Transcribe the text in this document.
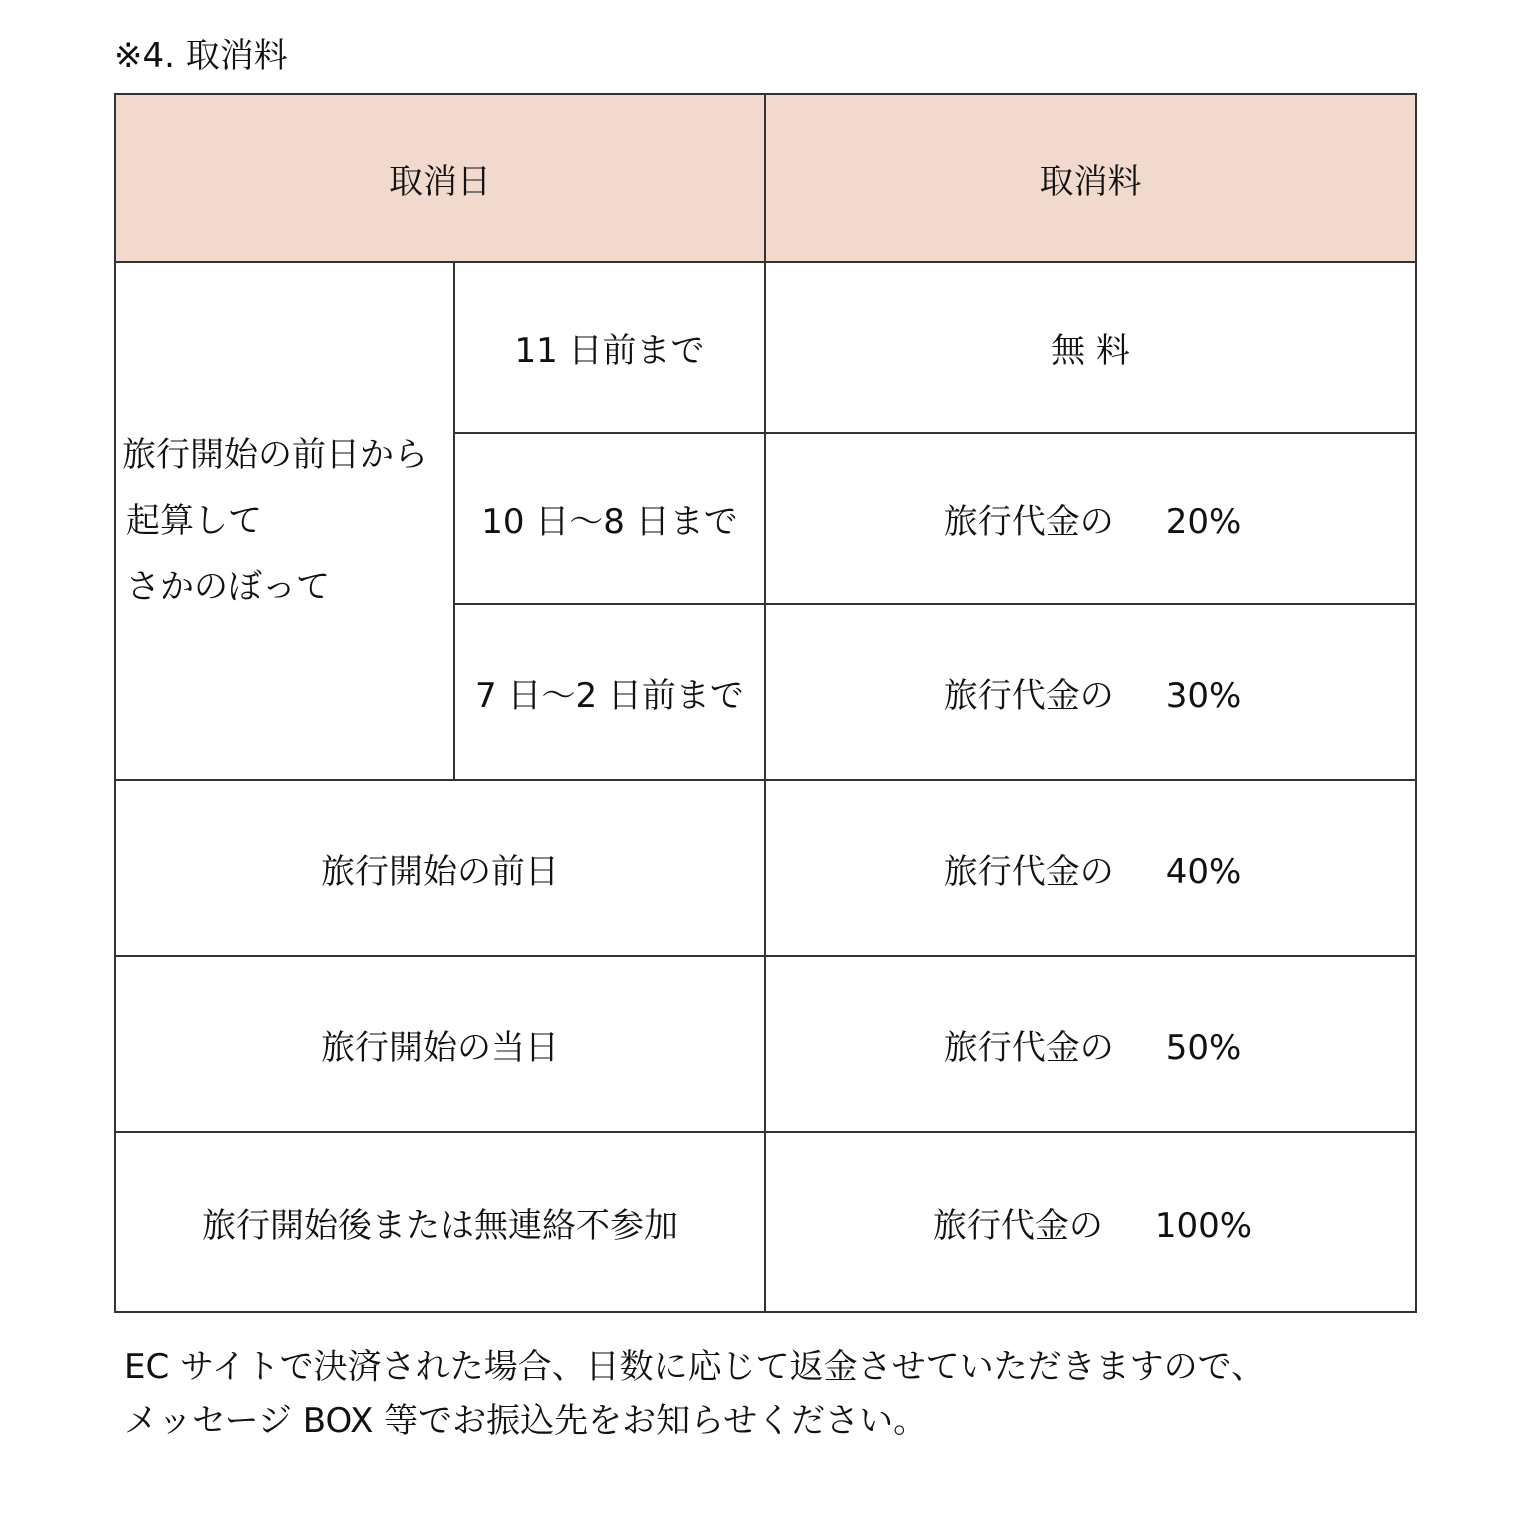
※4. 取消料
取消日		取消料

旅行開始の前日から
起算して
さかのぼって	11 日前まで	無 料
	10 日〜8 日まで	旅行代金の 20%
	7 日〜2 日前まで	旅行代金の 30%
旅行開始の前日		旅行代金の 40%
旅行開始の当日		旅行代金の 50%
旅行開始後または無連絡不参加		旅行代金の 100%
EC サイトで決済された場合、日数に応じて返金させていただきますので、
メッセージ BOX 等でお振込先をお知らせください。
